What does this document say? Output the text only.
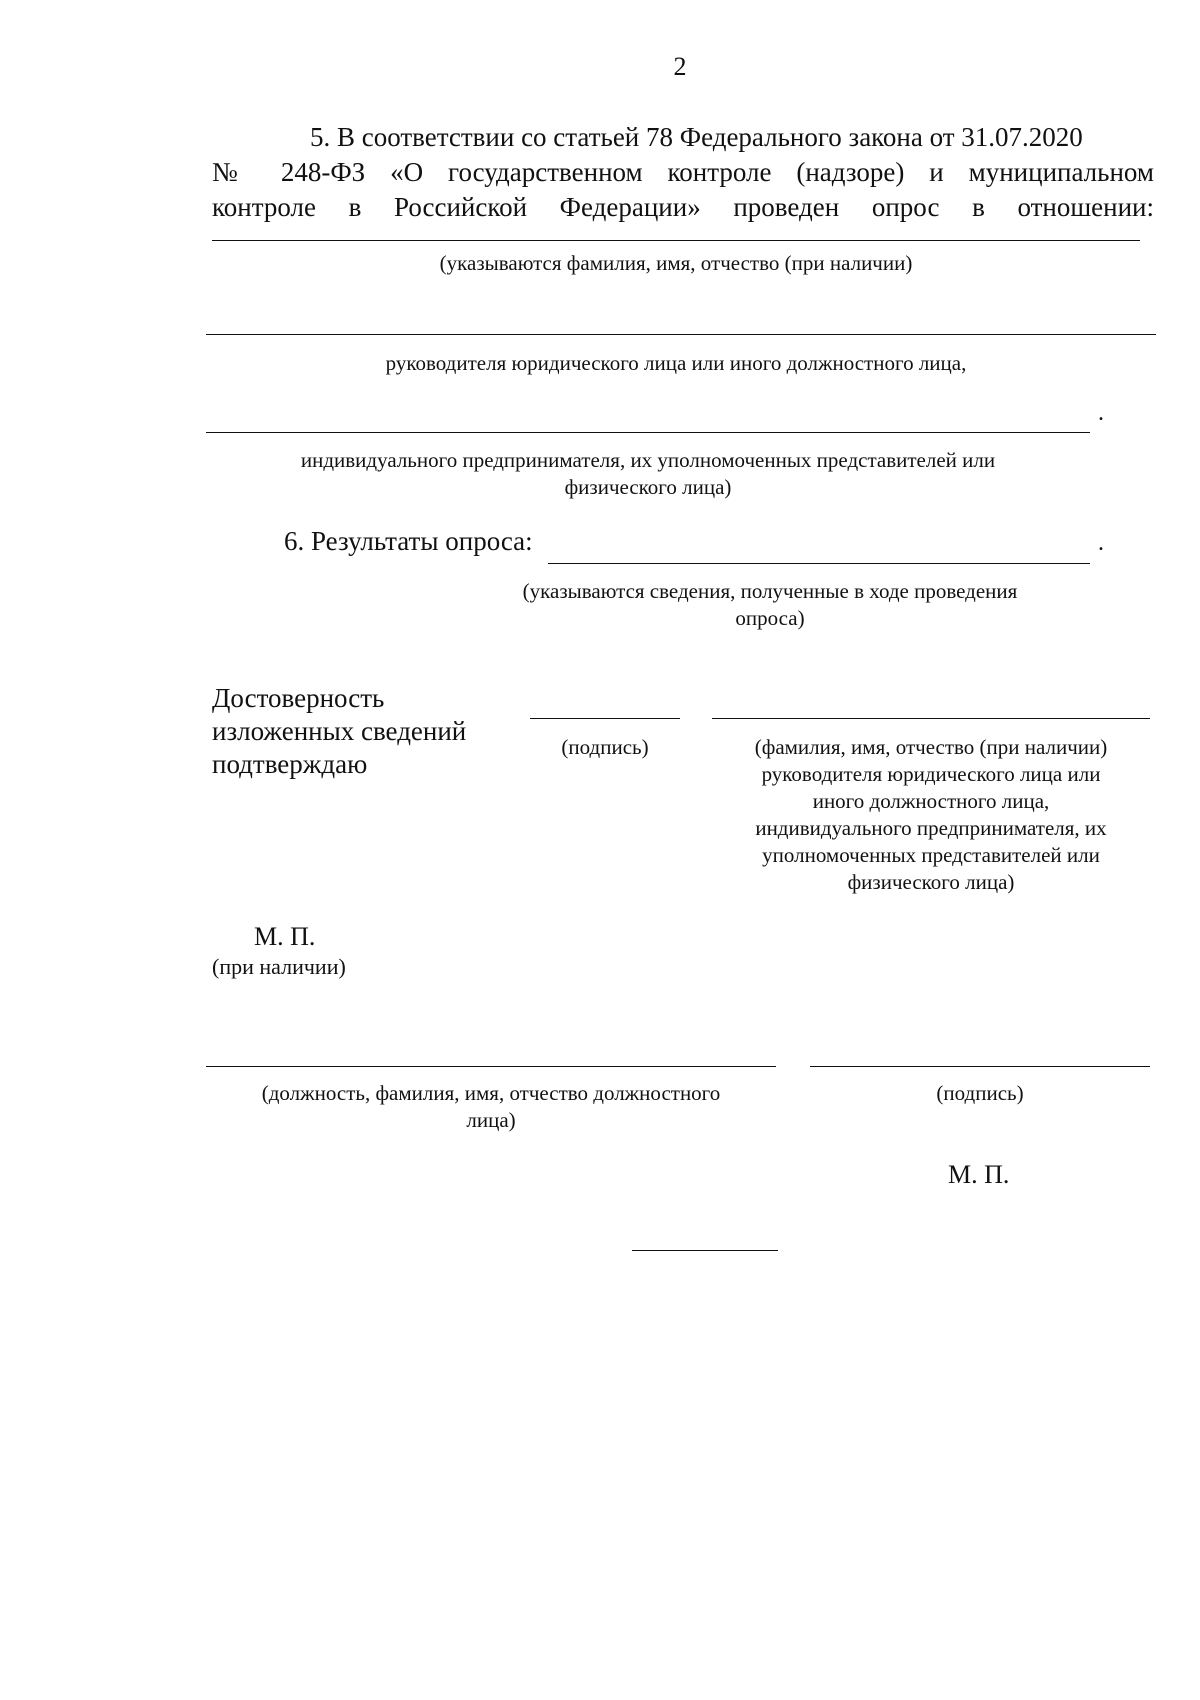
2
5. В соответствии со статьей 78 Федерального закона от 31.07.2020
№ 248-ФЗ «О государственном контроле (надзоре) и муниципальном
контроле в Российской Федерации» проведен опрос в отношении:
(указываются фамилия, имя, отчество (при наличии)
руководителя юридического лица или иного должностного лица,
.
индивидуального предпринимателя, их уполномоченных представителей или
физического лица)
6. Результаты опроса:	.
(указываются сведения, полученные в ходе проведения
опроса)
Достоверность
изложенных сведений
подтверждаю
(подпись)	(фамилия, имя, отчество (при наличии)
руководителя юридического лица или
иного должностного лица,
индивидуального предпринимателя, их
уполномоченных представителей или
физического лица)
М. П.
(при наличии)
(должность, фамилия, имя, отчество должностного
лица)
(подпись)
М. П.
